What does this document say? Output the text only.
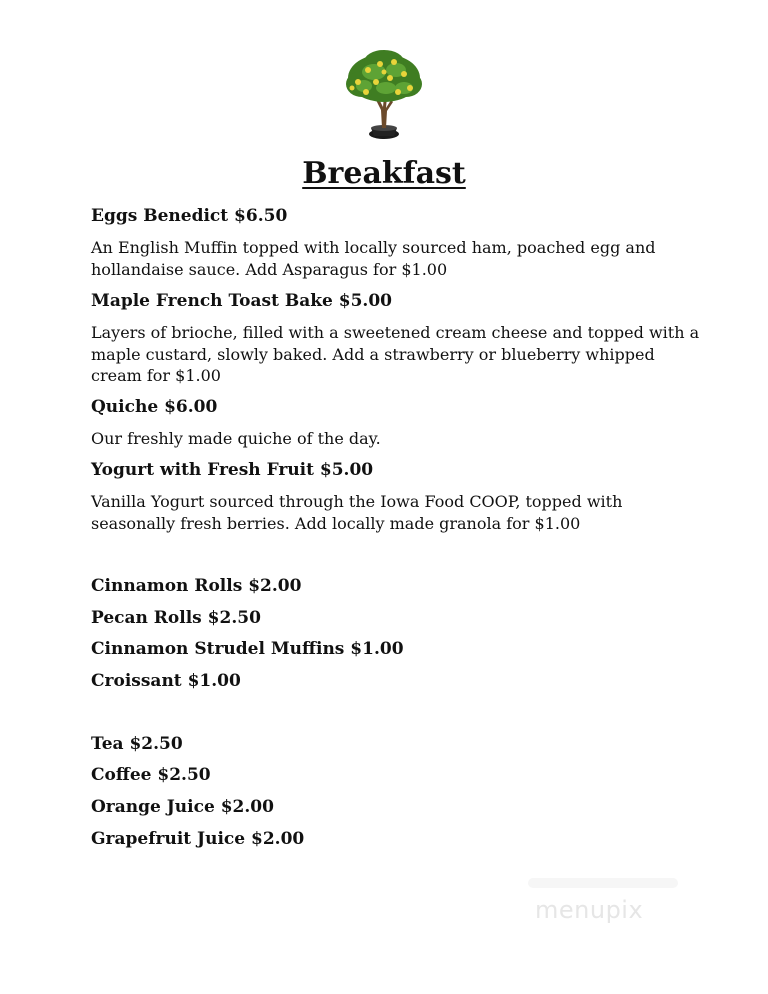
Breakfast
Eggs Benedict $6.50
An English Muffin topped with locally sourced ham, poached egg and
hollandaise sauce. Add Asparagus for $1.00
Maple French Toast Bake $5.00
Layers of brioche, filled with a sweetened cream cheese and topped with a
maple custard, slowly baked. Add a strawberry or blueberry whipped
cream for $1.00
Quiche $6.00
Our freshly made quiche of the day.
Yogurt with Fresh Fruit $5.00
Vanilla Yogurt sourced through the Iowa Food COOP, topped with
seasonally fresh berries. Add locally made granola for $1.00
Cinnamon Rolls $2.00
Pecan Rolls $2.50
Cinnamon Strudel Muffins $1.00
Croissant $1.00
Tea $2.50
Coffee $2.50
Orange Juice $2.00
Grapefruit Juice $2.00
menupix
